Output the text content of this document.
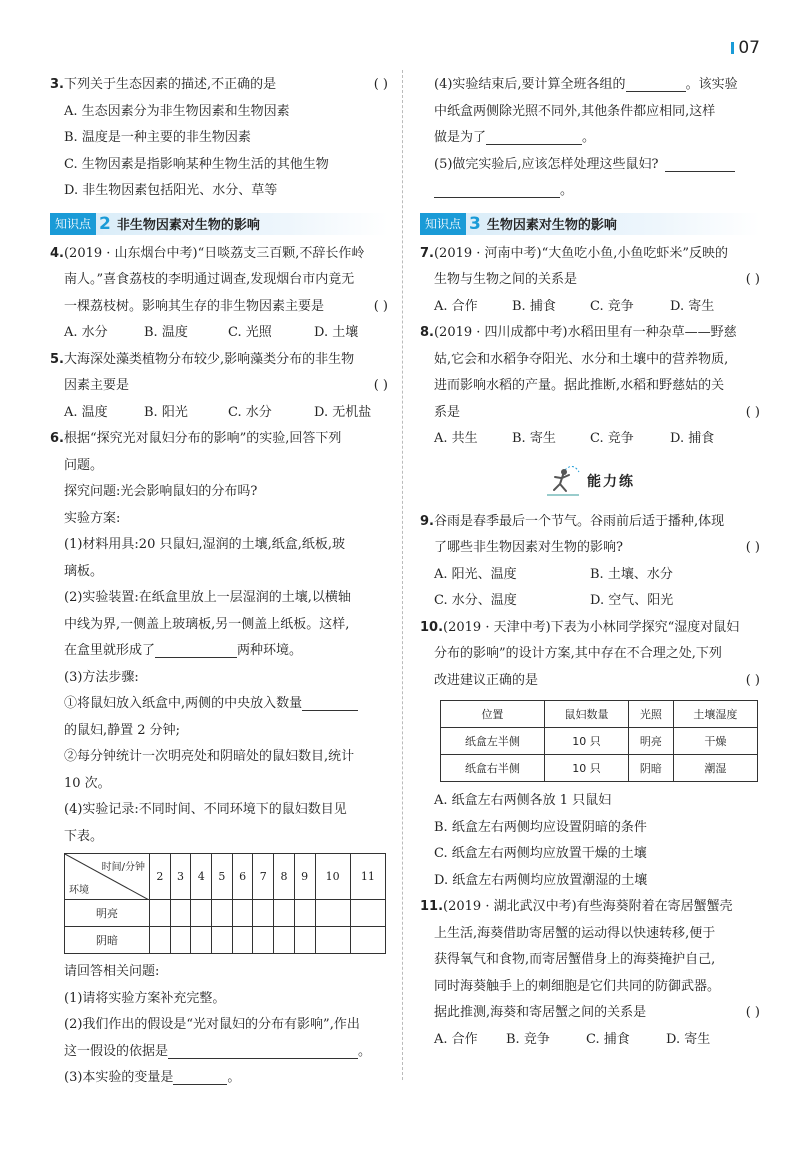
07
3.下列关于生态因素的描述,不正确的是	( )
A. 生态因素分为非生物因素和生物因素
B. 温度是一种主要的非生物因素
C. 生物因素是指影响某种生物生活的其他生物
D. 非生物因素包括阳光、水分、草等
知识点 2 非生物因素对生物的影响
4.(2019 · 山东烟台中考)“日啖荔支三百颗,不辞长作岭
南人。”喜食荔枝的李明通过调查,发现烟台市内竟无
一棵荔枝树。影响其生存的非生物因素主要是	( )
A. 水分	B. 温度	C. 光照	D. 土壤
5.大海深处藻类植物分布较少,影响藻类分布的非生物
因素主要是	( )
A. 温度	B. 阳光	C. 水分	D. 无机盐
6.根据“探究光对鼠妇分布的影响”的实验,回答下列
问题。
探究问题:光会影响鼠妇的分布吗?
实验方案:
(1)材料用具:20 只鼠妇,湿润的土壤,纸盒,纸板,玻
璃板。
(2)实验装置:在纸盒里放上一层湿润的土壤,以横轴
中线为界,一侧盖上玻璃板,另一侧盖上纸板。这样,
在盒里就形成了	两种环境。
(3)方法步骤:
①将鼠妇放入纸盒中,两侧的中央放入数量
的鼠妇,静置 2 分钟;
②每分钟统计一次明亮处和阴暗处的鼠妇数目,统计
10 次。
(4)实验记录:不同时间、不同环境下的鼠妇数目见
下表。
时间/分钟
环境	2	3	4	5	6	7	8	9	10	11
明亮										
阴暗										
请回答相关问题:
(1)请将实验方案补充完整。
(2)我们作出的假设是“光对鼠妇的分布有影响”,作出
这一假设的依据是	。
(3)本实验的变量是	。
(4)实验结束后,要计算全班各组的	。该实验
中纸盒两侧除光照不同外,其他条件都应相同,这样
做是为了	。
(5)做完实验后,应该怎样处理这些鼠妇?
。
知识点 3 生物因素对生物的影响
7.(2019 · 河南中考)“大鱼吃小鱼,小鱼吃虾米”反映的
生物与生物之间的关系是	( )
A. 合作	B. 捕食	C. 竞争	D. 寄生
8.(2019 · 四川成都中考)水稻田里有一种杂草——野慈
姑,它会和水稻争夺阳光、水分和土壤中的营养物质,
进而影响水稻的产量。据此推断,水稻和野慈姑的关
系是	( )
A. 共生	B. 寄生	C. 竞争	D. 捕食
能力练
9.谷雨是春季最后一个节气。谷雨前后适于播种,体现
了哪些非生物因素对生物的影响?	( )
A. 阳光、温度	B. 土壤、水分
C. 水分、温度	D. 空气、阳光
10.(2019 · 天津中考)下表为小林同学探究“湿度对鼠妇
分布的影响”的设计方案,其中存在不合理之处,下列
改进建议正确的是	( )
位置	鼠妇数量	光照	土壤湿度
纸盒左半侧	10 只	明亮	干燥
纸盒右半侧	10 只	阴暗	潮湿
A. 纸盒左右两侧各放 1 只鼠妇
B. 纸盒左右两侧均应设置阴暗的条件
C. 纸盒左右两侧均应放置干燥的土壤
D. 纸盒左右两侧均应放置潮湿的土壤
11.(2019 · 湖北武汉中考)有些海葵附着在寄居蟹蟹壳
上生活,海葵借助寄居蟹的运动得以快速转移,便于
获得氧气和食物,而寄居蟹借身上的海葵掩护自己,
同时海葵触手上的刺细胞是它们共同的防御武器。
据此推测,海葵和寄居蟹之间的关系是	( )
A. 合作	B. 竞争	C. 捕食	D. 寄生
